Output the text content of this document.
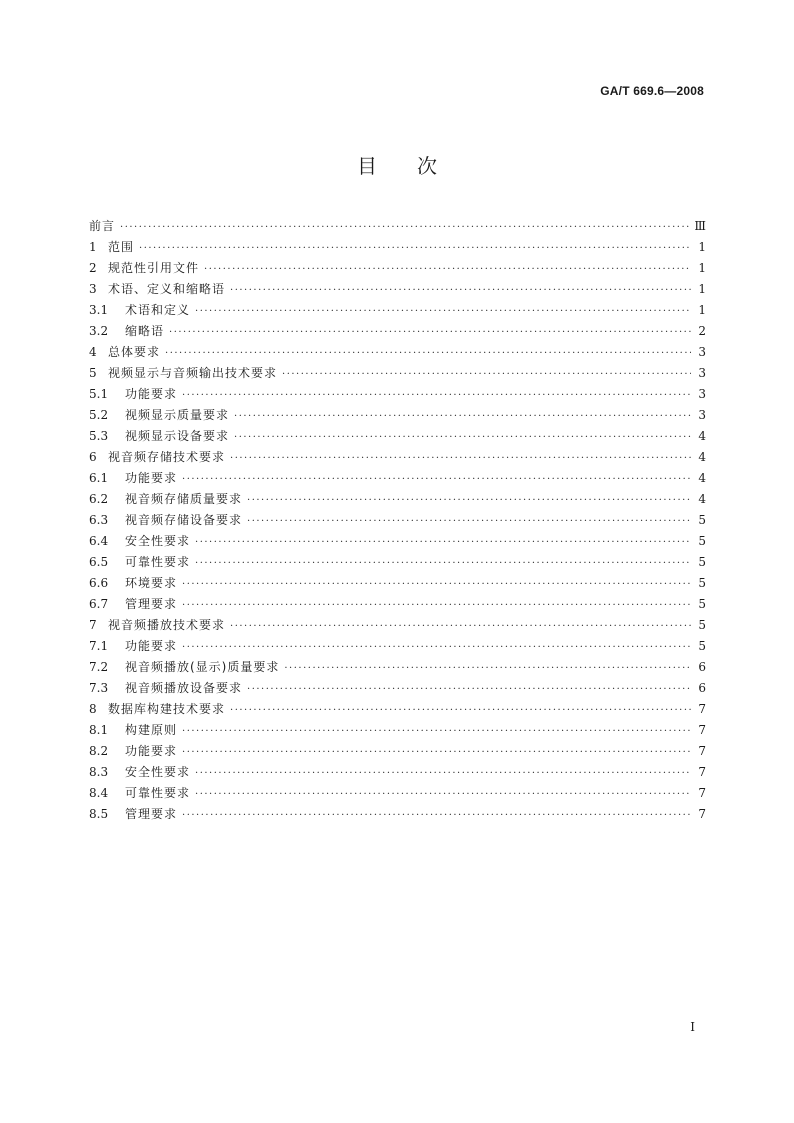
GA/T 669.6—2008
目次
前言 ·····	Ⅲ
1 范围 ·····	1
2 规范性引用文件 ·····	1
3 术语、定义和缩略语 ·····	1
3.1	术语和定义 ·····	1
3.2	缩略语 ·····	2
4 总体要求 ·····	3
5 视频显示与音频输出技术要求 ·····	3
5.1	功能要求 ·····	3
5.2	视频显示质量要求 ·····	3
5.3	视频显示设备要求 ·····	4
6 视音频存储技术要求 ·····	4
6.1	功能要求 ·····	4
6.2	视音频存储质量要求 ·····	4
6.3	视音频存储设备要求 ·····	5
6.4	安全性要求 ·····	5
6.5	可靠性要求 ·····	5
6.6	环境要求 ·····	5
6.7	管理要求 ·····	5
7 视音频播放技术要求 ·····	5
7.1	功能要求 ·····	5
7.2	视音频播放(显示)质量要求 ·····	6
7.3	视音频播放设备要求 ·····	6
8 数据库构建技术要求 ·····	7
8.1	构建原则 ·····	7
8.2	功能要求 ·····	7
8.3	安全性要求 ·····	7
8.4	可靠性要求 ·····	7
8.5	管理要求 ·····	7
Ⅰ
